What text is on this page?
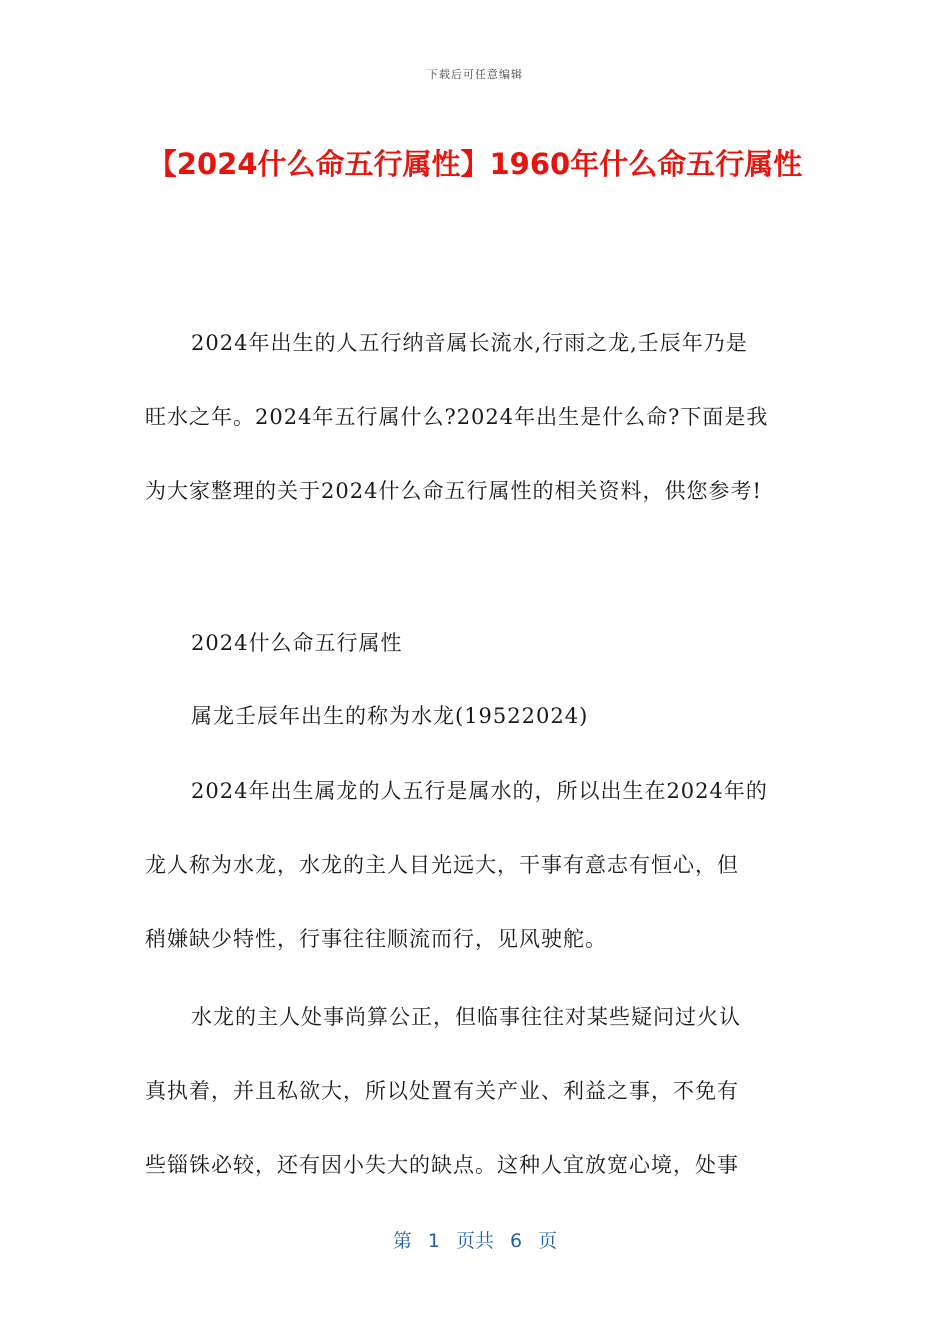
下载后可任意编辑
【2024什么命五行属性】1960年什么命五行属性
2024年出生的人五行纳音属长流水,行雨之龙,壬辰年乃是
旺水之年。2024年五行属什么?2024年出生是什么命?下面是我
为大家整理的关于2024什么命五行属性的相关资料，供您参考!
2024什么命五行属性
属龙壬辰年出生的称为水龙(19522024)
2024年出生属龙的人五行是属水的，所以出生在2024年的
龙人称为水龙，水龙的主人目光远大，干事有意志有恒心，但
稍嫌缺少特性，行事往往顺流而行，见风驶舵。
水龙的主人处事尚算公正，但临事往往对某些疑问过火认
真执着，并且私欲大，所以处置有关产业、利益之事，不免有
些锱铢必较，还有因小失大的缺点。这种人宜放宽心境，处事
第 1 页共 6 页
